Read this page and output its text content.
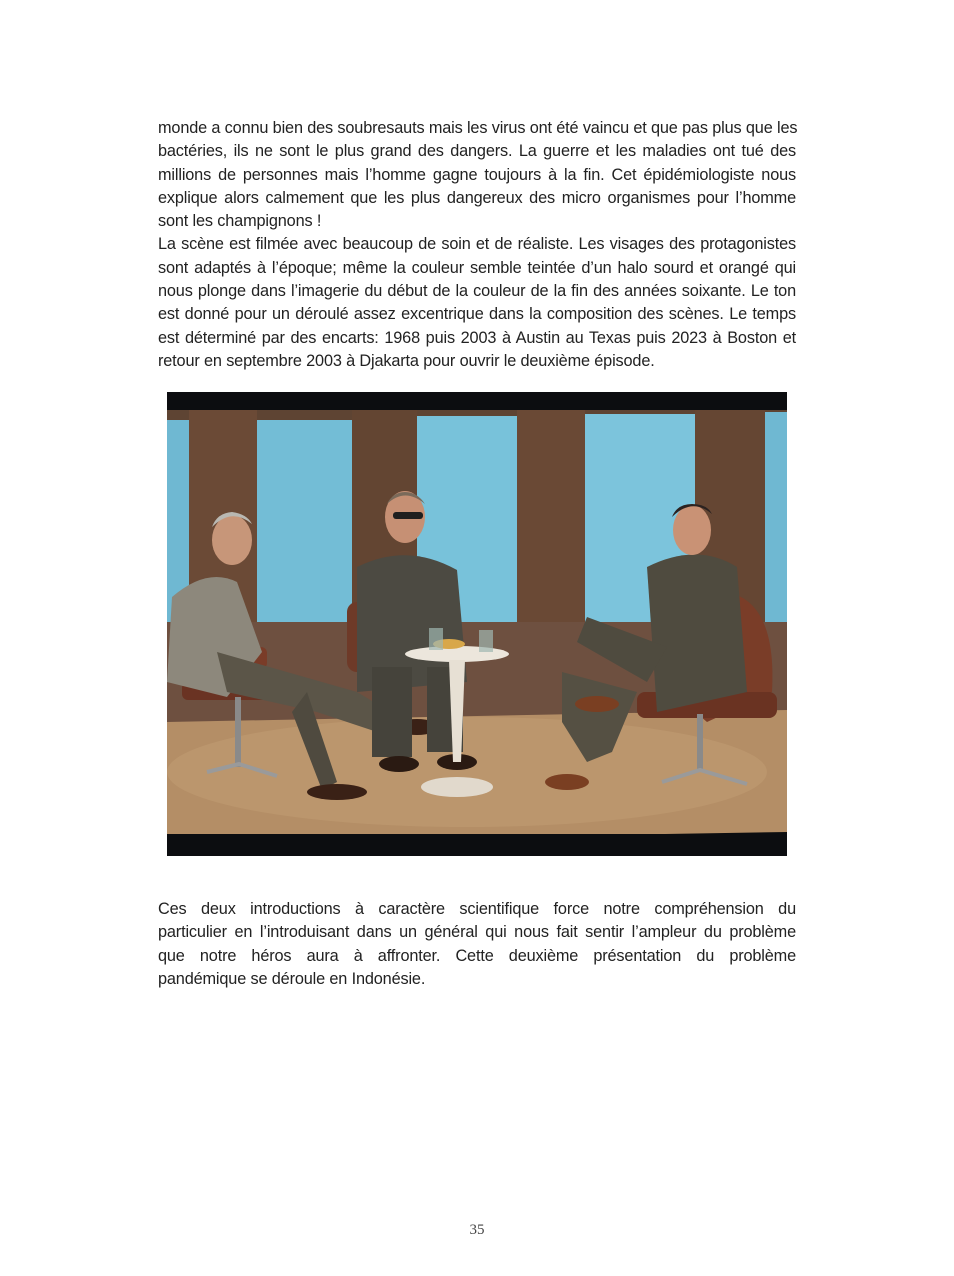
monde a connu bien des soubresauts mais les virus ont été vaincu et que pas plus que les
bactéries, ils ne sont le plus grand des dangers. La guerre et les maladies ont tué des
millions de personnes mais l’homme gagne toujours à la fin. Cet épidémiologiste nous
explique alors calmement que les plus dangereux des micro organismes pour l’homme
sont les champignons !
La scène est filmée avec beaucoup de soin et de réaliste. Les visages des protagonistes
sont adaptés à l’époque; même la couleur semble teintée d’un halo sourd et orangé qui
nous plonge dans l’imagerie du début de la couleur de la fin des années soixante. Le ton
est donné pour un déroulé assez excentrique dans la composition des scènes. Le temps
est déterminé par des encarts: 1968 puis 2003 à Austin au Texas puis 2023 à Boston et
retour en septembre 2003 à Djakarta pour ouvrir le deuxième épisode.
Ces deux introductions à caractère scientifique force notre compréhension du
particulier en l’introduisant dans un général qui nous fait sentir l’ampleur du problème
que notre héros aura à affronter. Cette deuxième présentation du problème
pandémique se déroule en Indonésie.
35
